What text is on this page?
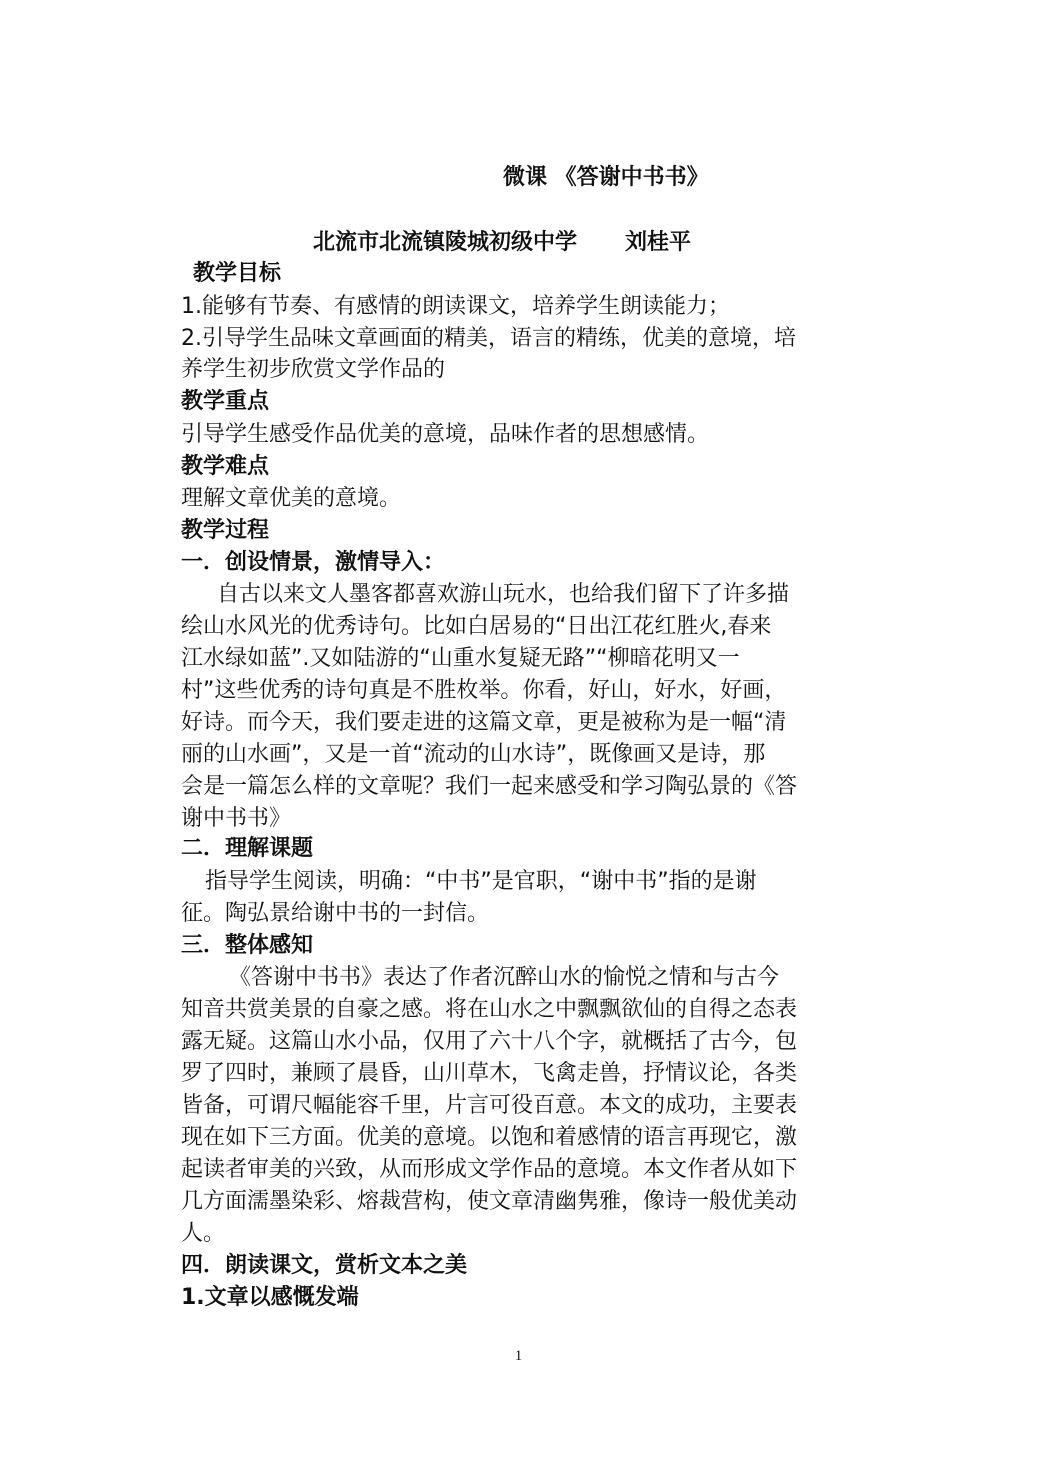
微课 《答谢中书书》
北流市北流镇陵城初级中学 刘桂平
教学目标
1.能够有节奏、有感情的朗读课文，培养学生朗读能力；
2.引导学生品味文章画面的精美，语言的精练，优美的意境，培
养学生初步欣赏文学作品的
教学重点
引导学生感受作品优美的意境，品味作者的思想感情。
教学难点
理解文章优美的意境。
教学过程
一．创设情景，激情导入：
自古以来文人墨客都喜欢游山玩水，也给我们留下了许多描
绘山水风光的优秀诗句。比如白居易的“日出江花红胜火,春来
江水绿如蓝”.又如陆游的“山重水复疑无路”“柳暗花明又一
村”这些优秀的诗句真是不胜枚举。你看，好山，好水，好画，
好诗。而今天，我们要走进的这篇文章，更是被称为是一幅“清
丽的山水画”，又是一首“流动的山水诗”，既像画又是诗，那
会是一篇怎么样的文章呢？我们一起来感受和学习陶弘景的《答
谢中书书》
二．理解课题
指导学生阅读，明确：“中书”是官职，“谢中书”指的是谢
征。陶弘景给谢中书的一封信。
三．整体感知
《答谢中书书》表达了作者沉醉山水的愉悦之情和与古今
知音共赏美景的自豪之感。将在山水之中飘飘欲仙的自得之态表
露无疑。这篇山水小品，仅用了六十八个字，就概括了古今，包
罗了四时，兼顾了晨昏，山川草木，飞禽走兽，抒情议论，各类
皆备，可谓尺幅能容千里，片言可役百意。本文的成功，主要表
现在如下三方面。优美的意境。以饱和着感情的语言再现它，激
起读者审美的兴致，从而形成文学作品的意境。本文作者从如下
几方面濡墨染彩、熔裁营构，使文章清幽隽雅，像诗一般优美动
人。
四．朗读课文，赏析文本之美
1.文章以感慨发端
1
